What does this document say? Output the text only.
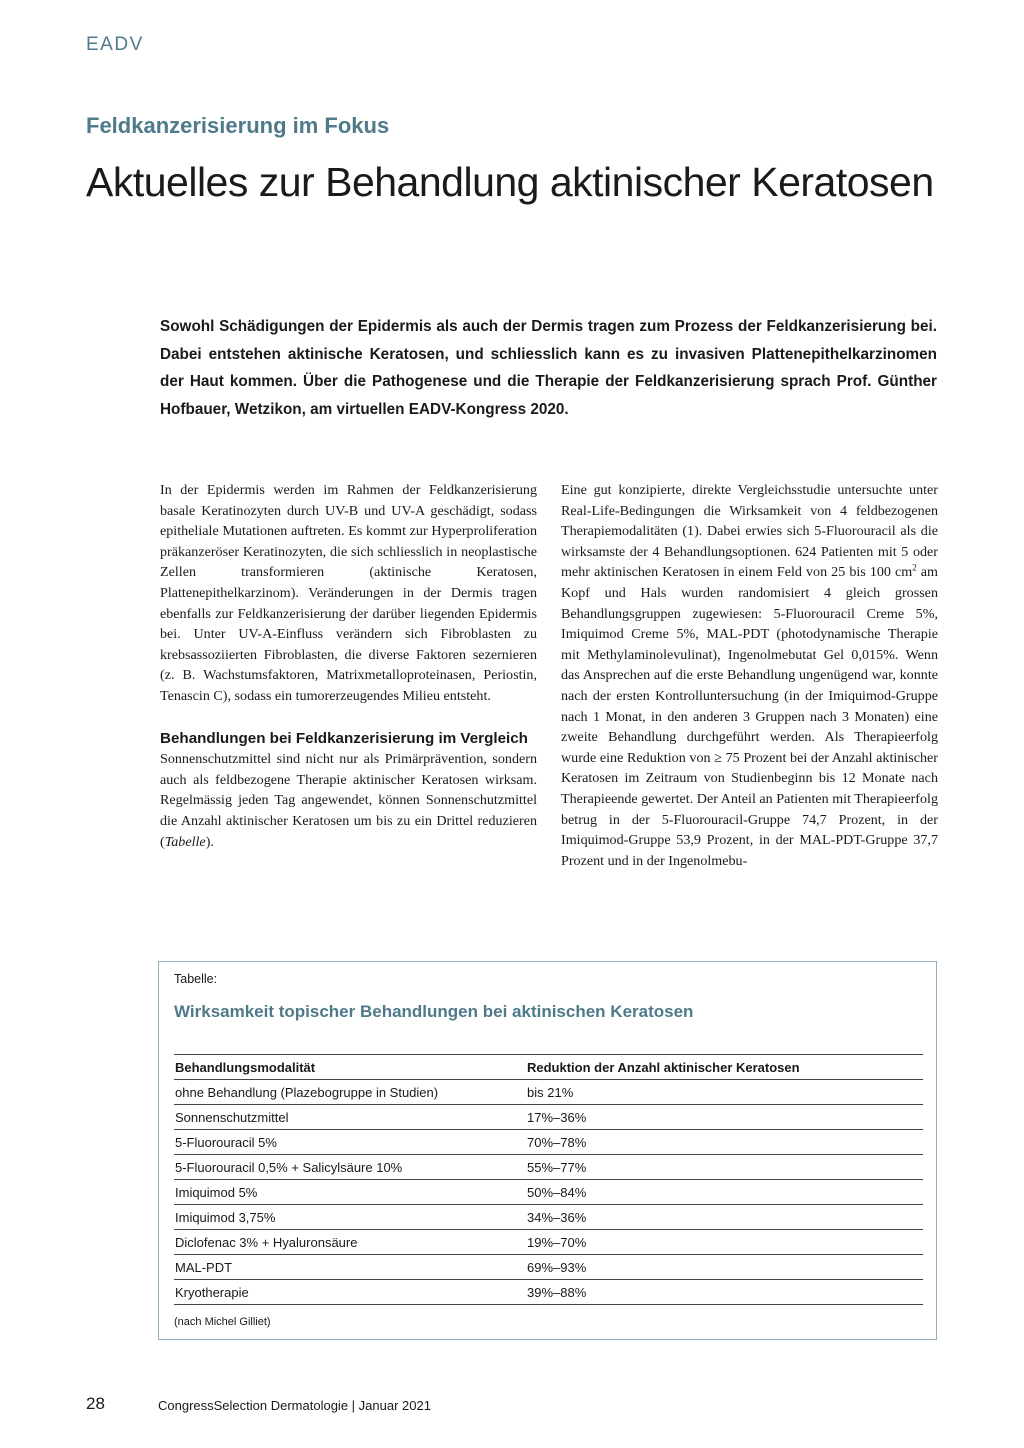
EADV
Feldkanzerisierung im Fokus
Aktuelles zur Behandlung aktinischer Keratosen

Sowohl Schädigungen der Epidermis als auch der Dermis tragen zum Prozess der Feldkanzerisierung bei. Dabei entstehen aktinische Keratosen, und schliesslich kann es zu invasiven Plattenepithelkarzinomen der Haut kommen. Über die Pathogenese und die Therapie der Feldkanzerisierung sprach Prof. Günther Hofbauer, Wetzikon, am virtuellen EADV-Kongress 2020.

In der Epidermis werden im Rahmen der Feldkanzerisierung basale Keratinozyten durch UV-B und UV-A geschädigt, sodass epitheliale Mutationen auftreten. Es kommt zur Hyperproliferation präkanzeröser Keratinozyten, die sich schliesslich in neoplastische Zellen transformieren (aktinische Keratosen, Plattenepithelkarzinom). Veränderungen in der Dermis tragen ebenfalls zur Feldkanzerisierung der darüber liegenden Epidermis bei. Unter UV-A-Einfluss verändern sich Fibroblasten zu krebsassoziierten Fibroblasten, die diverse Faktoren sezernieren (z. B. Wachstumsfaktoren, Matrixmetalloproteinasen, Periostin, Tenascin C), sodass ein tumorerzeugendes Milieu entsteht.

Behandlungen bei Feldkanzerisierung im Vergleich

Sonnenschutzmittel sind nicht nur als Primärprävention, sondern auch als feldbezogene Therapie aktinischer Keratosen wirksam. Regelmässig jeden Tag angewendet, können Sonnenschutzmittel die Anzahl aktinischer Keratosen um bis zu ein Drittel reduzieren (Tabelle).

Eine gut konzipierte, direkte Vergleichsstudie untersuchte unter Real-Life-Bedingungen die Wirksamkeit von 4 feldbezogenen Therapiemodalitäten (1). Dabei erwies sich 5-Fluorouracil als die wirksamste der 4 Behandlungsoptionen. 624 Patienten mit 5 oder mehr aktinischen Keratosen in einem Feld von 25 bis 100 $cm^2$ am Kopf und Hals wurden randomisiert 4 gleich grossen Behandlungsgruppen zugewiesen: 5-Fluorouracil Creme 5%, Imiquimod Creme 5%, MAL-PDT (photodynamische Therapie mit Methylaminolevulinat), Ingenolmebutat Gel 0,015%. Wenn das Ansprechen auf die erste Behandlung ungenügend war, konnte nach der ersten Kontrolluntersuchung (in der Imiquimod-Gruppe nach 1 Monat, in den anderen 3 Gruppen nach 3 Monaten) eine zweite Behandlung durchgeführt werden. Als Therapieerfolg wurde eine Reduktion von ≥ 75 Prozent bei der Anzahl aktinischer Keratosen im Zeitraum von Studienbeginn bis 12 Monate nach Therapieende gewertet. Der Anteil an Patienten mit Therapieerfolg betrug in der 5-Fluorouracil-Gruppe 74,7 Prozent, in der Imiquimod-Gruppe 53,9 Prozent, in der MAL-PDT-Gruppe 37,7 Prozent und in der Ingenolmebu-

Tabelle:
Wirksamkeit topischer Behandlungen bei aktinischen Keratosen
Behandlungsmodalität	Reduktion der Anzahl aktinischer Keratosen
ohne Behandlung (Plazebogruppe in Studien)	bis 21%
Sonnenschutzmittel	17%–36%
5-Fluorouracil 5%	70%–78%
5-Fluorouracil 0,5% + Salicylsäure 10%	55%–77%
Imiquimod 5%	50%–84%
Imiquimod 3,75%	34%–36%
Diclofenac 3% + Hyaluronsäure	19%–70%
MAL-PDT	69%–93%
Kryotherapie	39%–88%
(nach Michel Gilliet)
28	CongressSelection Dermatologie | Januar 2021
